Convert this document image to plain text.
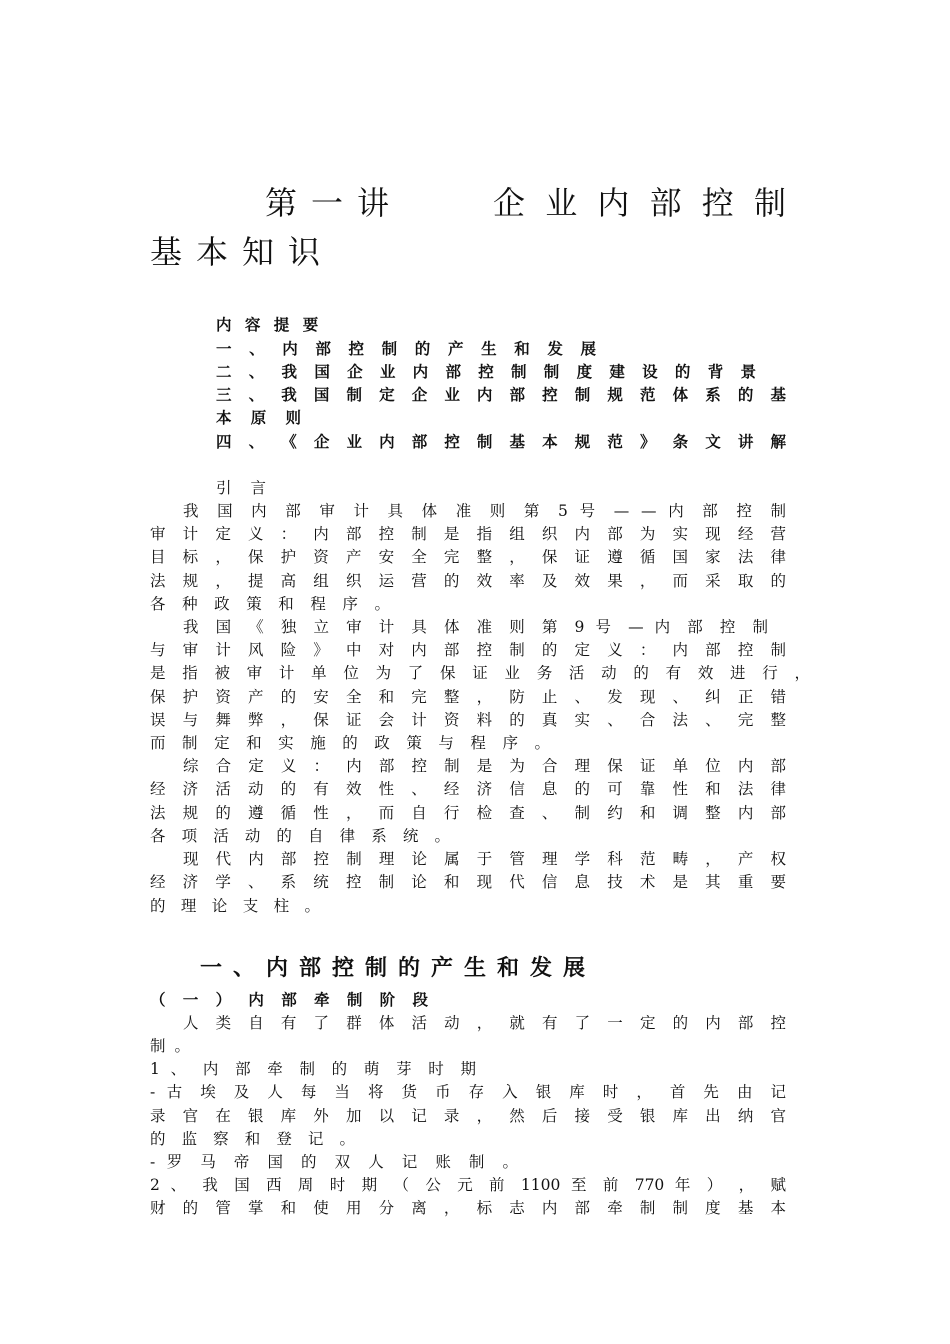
第一讲	企业内部控制
基本知识
内 容 提 要
一 、 内 部 控 制 的 产 生 和 发 展
二 、 我 国 企 业 内 部 控 制 制 度 建 设 的 背 景
三 、 我 国 制 定 企 业 内 部 控 制 规 范 体 系 的 基
本 原 则
四 、 《 企 业 内 部 控 制 基 本 规 范 》 条 文 讲 解
引 言
我 国 内 部 审 计 具 体 准 则 第 5 号 — — 内 部 控 制
审 计 定 义 ： 内 部 控 制 是 指 组 织 内 部 为 实 现 经 营
目 标 ， 保 护 资 产 安 全 完 整 ， 保 证 遵 循 国 家 法 律
法 规 ， 提 高 组 织 运 营 的 效 率 及 效 果 ， 而 采 取 的
各 种 政 策 和 程 序 。
我 国 《 独 立 审 计 具 体 准 则 第 9 号 — 内 部 控 制
与 审 计 风 险 》 中 对 内 部 控 制 的 定 义 ： 内 部 控 制
是 指 被 审 计 单 位 为 了 保 证 业 务 活 动 的 有 效 进 行 ，
保 护 资 产 的 安 全 和 完 整 ， 防 止 、 发 现 、 纠 正 错
误 与 舞 弊 ， 保 证 会 计 资 料 的 真 实 、 合 法 、 完 整
而 制 定 和 实 施 的 政 策 与 程 序 。
综 合 定 义 ： 内 部 控 制 是 为 合 理 保 证 单 位 内 部
经 济 活 动 的 有 效 性 、 经 济 信 息 的 可 靠 性 和 法 律
法 规 的 遵 循 性 ， 而 自 行 检 查 、 制 约 和 调 整 内 部
各 项 活 动 的 自 律 系 统 。
现 代 内 部 控 制 理 论 属 于 管 理 学 科 范 畴 ， 产 权
经 济 学 、 系 统 控 制 论 和 现 代 信 息 技 术 是 其 重 要
的 理 论 支 柱 。
一、内部控制的产生和发展
（ 一 ） 内 部 牵 制 阶 段
人 类 自 有 了 群 体 活 动 ， 就 有 了 一 定 的 内 部 控
制 。
1 、 内 部 牵 制 的 萌 芽 时 期
- 古 埃 及 人 每 当 将 货 币 存 入 银 库 时 ， 首 先 由 记
录 官 在 银 库 外 加 以 记 录 ， 然 后 接 受 银 库 出 纳 官
的 监 察 和 登 记 。
- 罗 马 帝 国 的 双 人 记 账 制 。
2 、 我 国 西 周 时 期 （ 公 元 前 1100 至 前 770 年 ） ， 赋
财 的 管 掌 和 使 用 分 离 ， 标 志 内 部 牵 制 制 度 基 本
